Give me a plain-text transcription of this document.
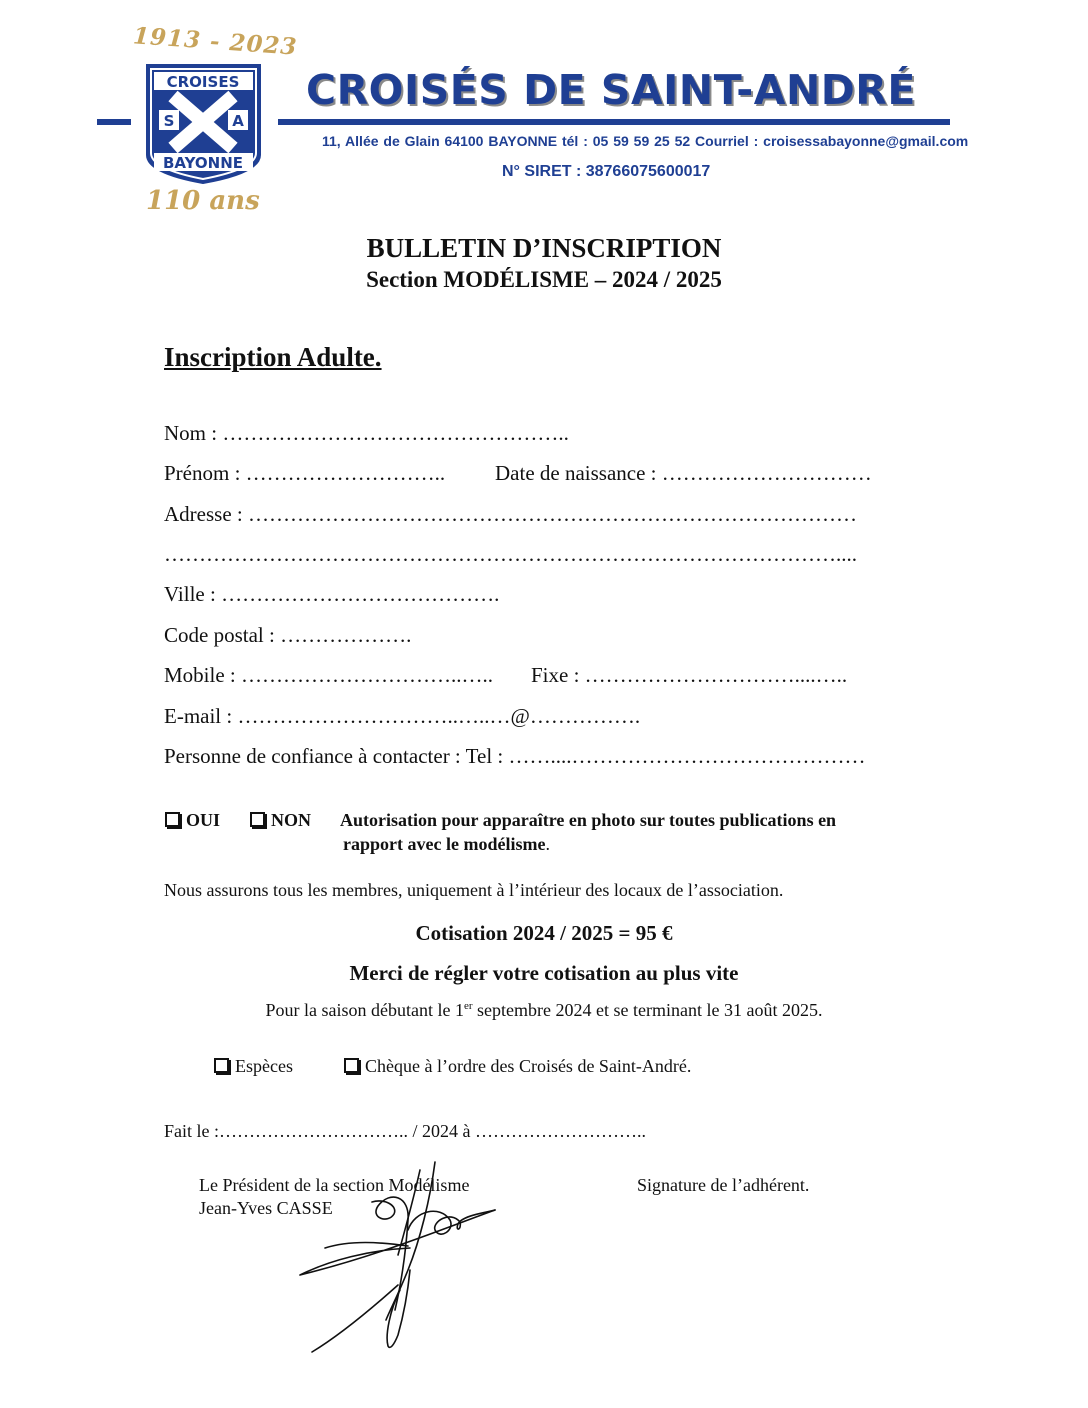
1913 - 2023
CROISES
S	A
BAYONNE
110 ans
CROISÉS DE SAINT-ANDRÉ
11, Allée de Glain 64100 BAYONNE tél : 05 59 59 25 52 Courriel : croisessabayonne@gmail.com
N° SIRET : 38766075600017
BULLETIN D’INSCRIPTION
Section MODÉLISME – 2024 / 2025
Inscription Adulte.
Nom : …………………………………………..
Prénom : ……………………….. Date de naissance : …………………………
Adresse : ……………………………………………………………………………
……………………………………………………………………………………....
Ville : ………………………………….
Code postal : ……………….
Mobile : …………………………..….. Fixe : …………………………....…..
E-mail : …………………………..…..…@…………….
Personne de confiance à contacter : Tel : ……....……………………………………
OUI	NON Autorisation pour apparaître en photo sur toutes publications en
rapport avec le modélisme.
Nous assurons tous les membres, uniquement à l’intérieur des locaux de l’association.
Cotisation 2024 / 2025 = 95 €
Merci de régler votre cotisation au plus vite
Pour la saison débutant le 1er septembre 2024 et se terminant le 31 août 2025.
Espèces	Chèque à l’ordre des Croisés de Saint-André.
Fait le :………………………….. / 2024 à ………………………..
Le Président de la section Modélisme
Jean-Yves CASSE
Signature de l’adhérent.
